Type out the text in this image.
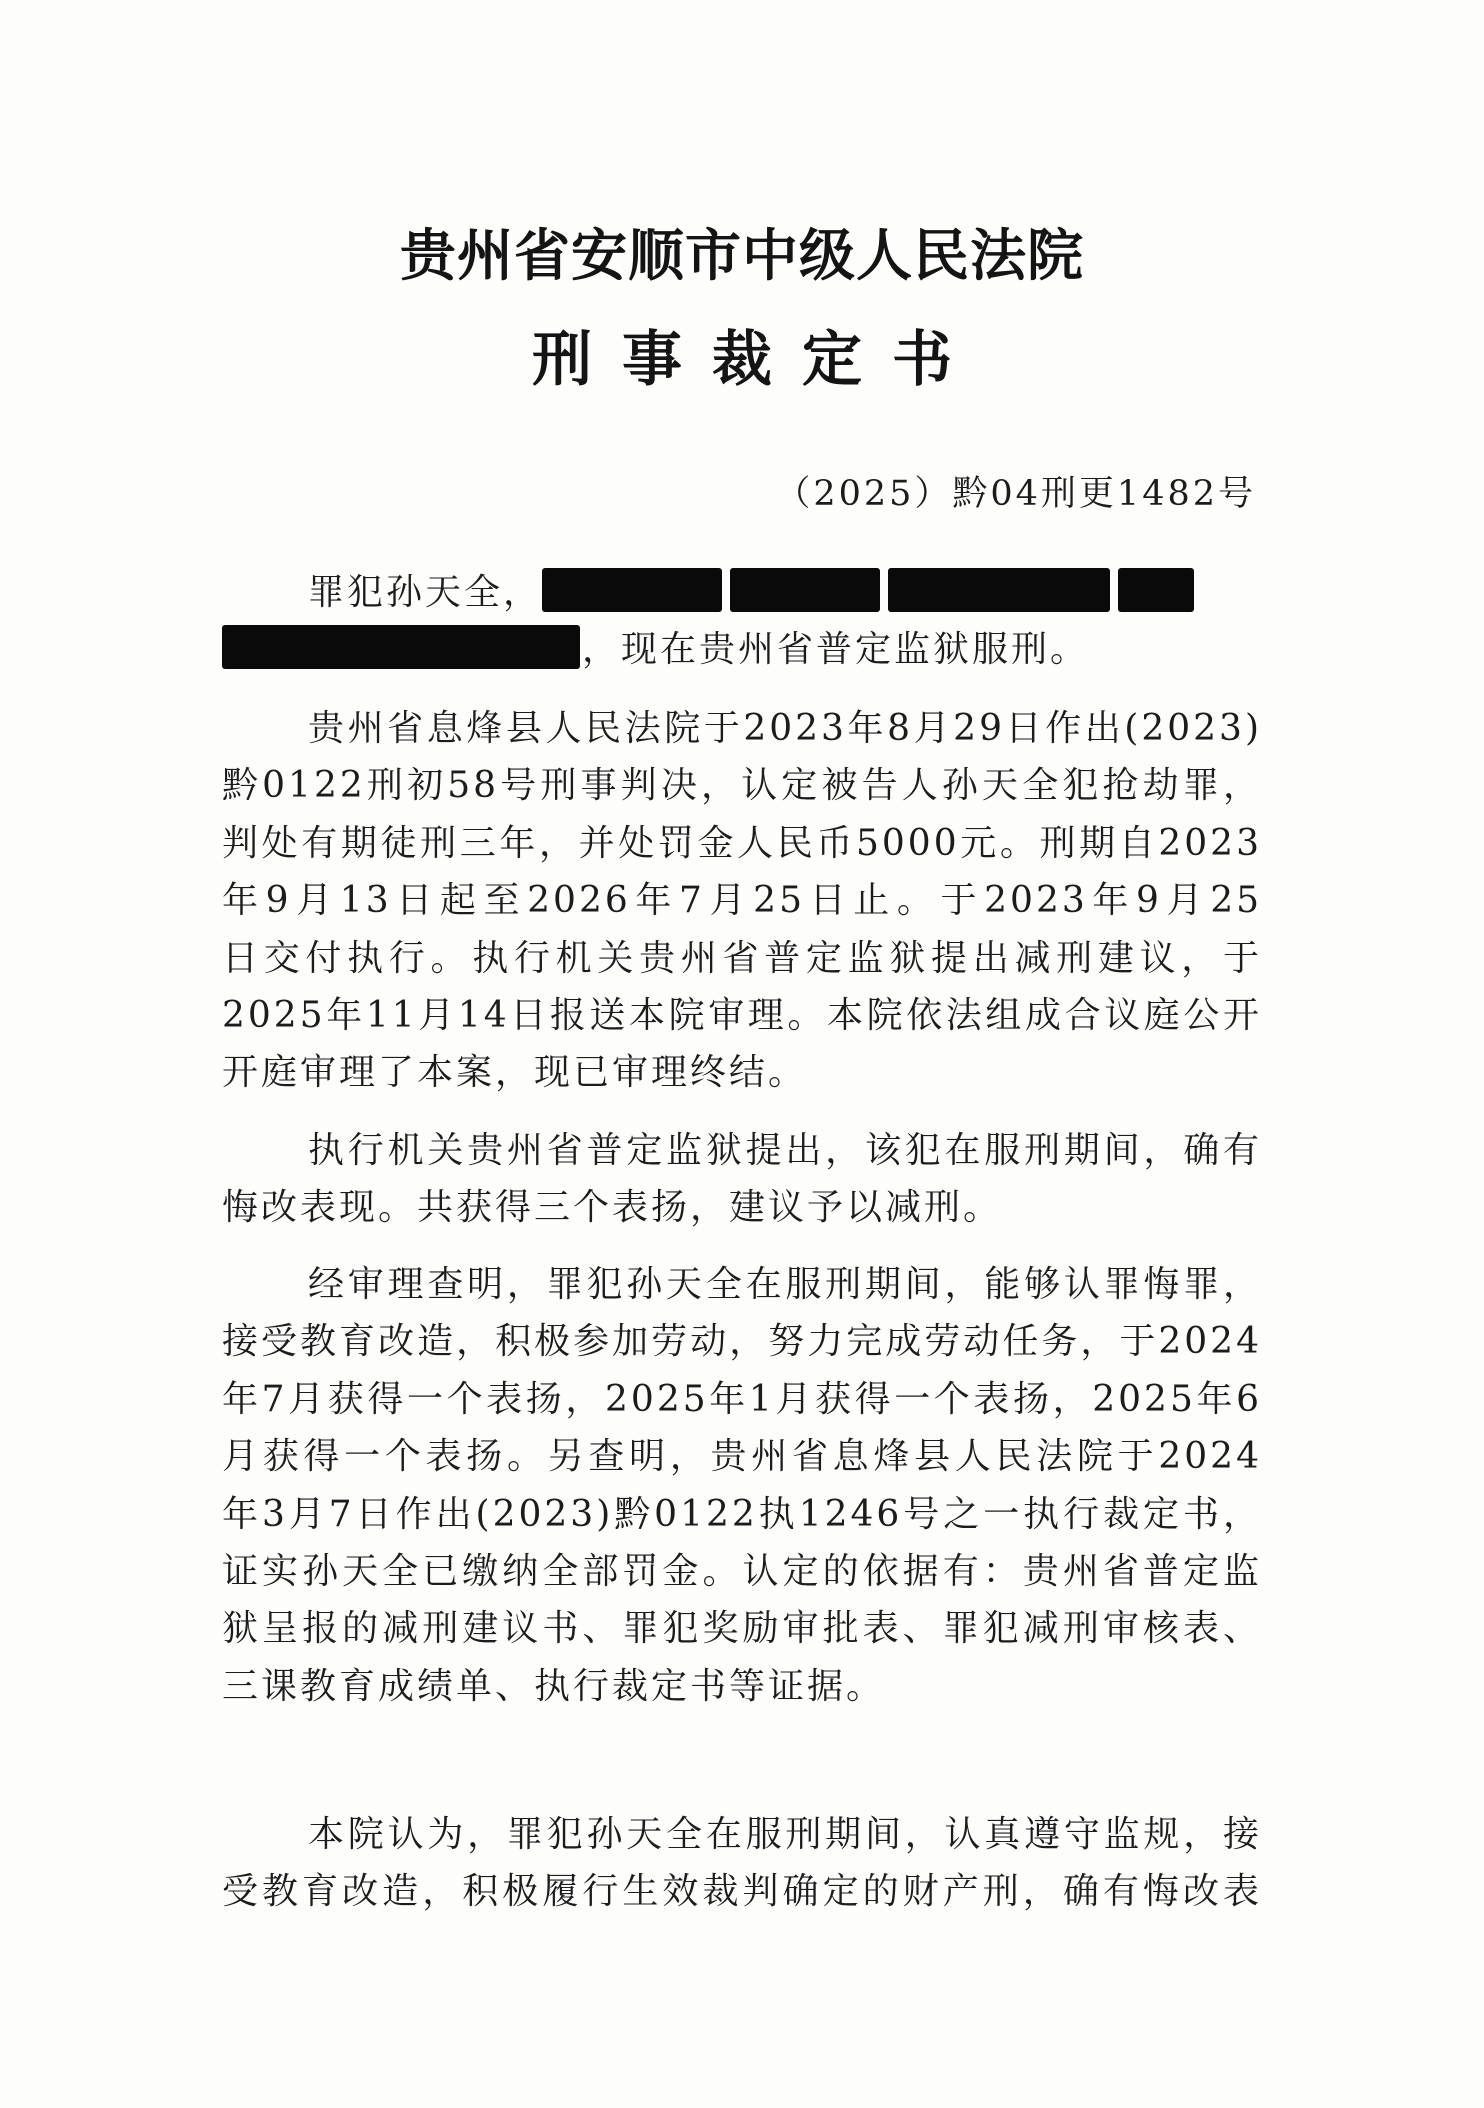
贵州省安顺市中级人民法院
刑事裁定书
（2025）黔04刑更1482号
罪犯孙天全，
，现在贵州省普定监狱服刑。
贵州省息烽县人民法院于2023年8月29日作出(2023)
黔0122刑初58号刑事判决，认定被告人孙天全犯抢劫罪，
判处有期徒刑三年，并处罚金人民币5000元。刑期自2023
年9月13日起至2026年7月25日止。于2023年9月25
日交付执行。执行机关贵州省普定监狱提出减刑建议，于
2025年11月14日报送本院审理。本院依法组成合议庭公开
开庭审理了本案，现已审理终结。
执行机关贵州省普定监狱提出，该犯在服刑期间，确有
悔改表现。共获得三个表扬，建议予以减刑。
经审理查明，罪犯孙天全在服刑期间，能够认罪悔罪，
接受教育改造，积极参加劳动，努力完成劳动任务，于2024
年7月获得一个表扬，2025年1月获得一个表扬，2025年6
月获得一个表扬。另查明，贵州省息烽县人民法院于2024
年3月7日作出(2023)黔0122执1246号之一执行裁定书，
证实孙天全已缴纳全部罚金。认定的依据有：贵州省普定监
狱呈报的减刑建议书、罪犯奖励审批表、罪犯减刑审核表、
三课教育成绩单、执行裁定书等证据。
本院认为，罪犯孙天全在服刑期间，认真遵守监规，接
受教育改造，积极履行生效裁判确定的财产刑，确有悔改表
